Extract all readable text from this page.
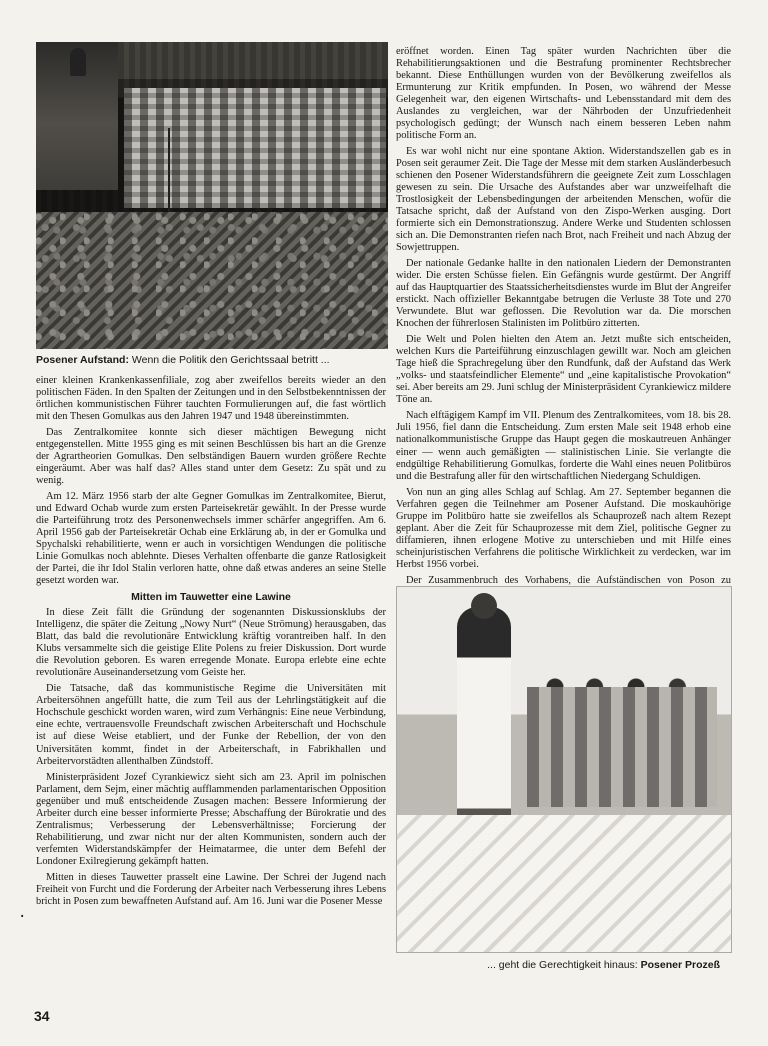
Posener Aufstand: Wenn die Politik den Gerichtssaal betritt ...

einer kleinen Krankenkassenfiliale, zog aber zweifellos bereits wieder an den politischen Fäden. In den Spalten der Zeitungen und in den Selbstbekenntnissen der örtlichen kommunistischen Führer tauchten Formulierungen auf, die fast wörtlich mit den Thesen Gomulkas aus den Jahren 1947 und 1948 übereinstimmten.

Das Zentralkomitee konnte sich dieser mächtigen Bewegung nicht entgegenstellen. Mitte 1955 ging es mit seinen Beschlüssen bis hart an die Grenze der Agrartheorien Gomulkas. Den selbständigen Bauern wurden größere Rechte eingeräumt. Aber was half das? Alles stand unter dem Gesetz: Zu spät und zu wenig.

Am 12. März 1956 starb der alte Gegner Gomulkas im Zentralkomitee, Bierut, und Edward Ochab wurde zum ersten Parteisekretär gewählt. In der Presse wurde die Parteiführung trotz des Personenwechsels immer schärfer angegriffen. Am 6. April 1956 gab der Parteisekretär Ochab eine Erklärung ab, in der er Gomulka und Spychalski rehabilitierte, wenn er auch in vorsichtigen Wendungen die politische Linie Gomulkas noch ablehnte. Dieses Verhalten offenbarte die ganze Ratlosigkeit der Partei, die ihr Idol Stalin verloren hatte, ohne daß etwas anderes an seine Stelle gesetzt worden war.

Mitten im Tauwetter eine Lawine

In diese Zeit fällt die Gründung der sogenannten Diskussionsklubs der Intelligenz, die später die Zeitung „Nowy Nurt“ (Neue Strömung) herausgaben, das Blatt, das bald die revolutionäre Entwicklung kräftig vorantreiben half. In den Klubs versammelte sich die geistige Elite Polens zu freier Diskussion. Dort wurde die Revolution geboren. Es waren erregende Monate. Europa erlebte eine echte revolutionäre Auseinandersetzung vom Geiste her.

Die Tatsache, daß das kommunistische Regime die Universitäten mit Arbeitersöhnen angefüllt hatte, die zum Teil aus der Lehrlingstätigkeit auf die Hochschule geschickt worden waren, wird zum Verhängnis: Eine neue Verbindung, eine echte, vertrauensvolle Freundschaft zwischen Arbeiterschaft und Hochschule ist auf diese Weise etabliert, und der Funke der Rebellion, der von den Universitäten kommt, findet in der Arbeiterschaft, in Fabrikhallen und Arbeitervorstädten allenthalben Zündstoff.

Ministerpräsident Jozef Cyrankiewicz sieht sich am 23. April im polnischen Parlament, dem Sejm, einer mächtig aufflammenden parlamentarischen Opposition gegenüber und muß entscheidende Zusagen machen: Bessere Informierung der Arbeiter durch eine besser informierte Presse; Abschaffung der Bürokratie und des Zentralismus; Verbesserung der Lebensverhältnisse; Forcierung der Rehabilitierung, und zwar nicht nur der alten Kommunisten, sondern auch der verfemten Widerstandskämpfer der Heimatarmee, die unter dem Befehl der Londoner Exilregierung gekämpft hatten.

Mitten in dieses Tauwetter prasselt eine Lawine. Der Schrei der Jugend nach Freiheit von Furcht und die Forderung der Arbeiter nach Verbesserung ihres Lebens bricht in Posen zum bewaffneten Aufstand auf. Am 16. Juni war die Posener Messe

eröffnet worden. Einen Tag später wurden Nachrichten über die Rehabilitierungsaktionen und die Bestrafung prominenter Rechtsbrecher bekannt. Diese Enthüllungen wurden von der Bevölkerung zweifellos als Ermunterung zur Kritik empfunden. In Posen, wo während der Messe Gelegenheit war, den eigenen Wirtschafts- und Lebensstandard mit dem des Auslandes zu vergleichen, war der Nährboden der Unzufriedenheit psychologisch gedüngt; der Wunsch nach einem besseren Leben nahm politische Form an.

Es war wohl nicht nur eine spontane Aktion. Widerstandszellen gab es in Posen seit geraumer Zeit. Die Tage der Messe mit dem starken Ausländerbesuch schienen den Posener Widerstandsführern die geeignete Zeit zum Losschlagen gewesen zu sein. Die Ursache des Aufstandes aber war unzweifelhaft die Trostlosigkeit der Lebensbedingungen der arbeitenden Menschen, wofür die Tatsache spricht, daß der Aufstand von den Zispo-Werken ausging. Dort formierte sich ein Demonstrationszug. Andere Werke und Studenten schlossen sich an. Die Demonstranten riefen nach Brot, nach Freiheit und nach Abzug der Sowjettruppen.

Der nationale Gedanke hallte in den nationalen Liedern der Demonstranten wider. Die ersten Schüsse fielen. Ein Gefängnis wurde gestürmt. Der Angriff auf das Hauptquartier des Staatssicherheitsdienstes wurde im Blut der Angreifer erstickt. Nach offizieller Bekanntgabe betrugen die Verluste 38 Tote und 270 Verwundete. Blut war geflossen. Die Revolution war da. Die morschen Knochen der führerlosen Stalinisten im Politbüro zitterten.

Die Welt und Polen hielten den Atem an. Jetzt mußte sich entscheiden, welchen Kurs die Parteiführung einzuschlagen gewillt war. Noch am gleichen Tage hieß die Sprachregelung über den Rundfunk, daß der Aufstand das Werk „volks- und staatsfeindlicher Elemente“ und „eine kapitalistische Provokation“ sei. Aber bereits am 29. Juni schlug der Ministerpräsident Cyrankiewicz mildere Töne an.

Nach elftägigem Kampf im VII. Plenum des Zentralkomitees, vom 18. bis 28. Juli 1956, fiel dann die Entscheidung. Zum ersten Male seit 1948 erhob eine nationalkommunistische Gruppe das Haupt gegen die moskautreuen Anhänger einer — wenn auch gemäßigten — stalinistischen Linie. Sie verlangte die endgültige Rehabilitierung Gomulkas, forderte die Wahl eines neuen Politbüros und die Bestrafung aller für den wirtschaftlichen Niedergang Schuldigen.

Von nun an ging alles Schlag auf Schlag. Am 27. September begannen die Verfahren gegen die Teilnehmer am Posener Aufstand. Die moskauhörige Gruppe im Politbüro hatte sie zweifellos als Schauprozeß nach altem Rezept geplant. Aber die Zeit für Schauprozesse mit dem Ziel, politische Gegner zu diffamieren, ihnen erlogene Motive zu unterschieben und mit Hilfe eines scheinjuristischen Verfahrens die politische Wirklichkeit zu verdecken, war im Herbst 1956 vorbei.

Der Zusammenbruch des Vorhabens, die Aufständischen von Poson zu

... geht die Gerechtigkeit hinaus: Posener Prozeß
·
34
